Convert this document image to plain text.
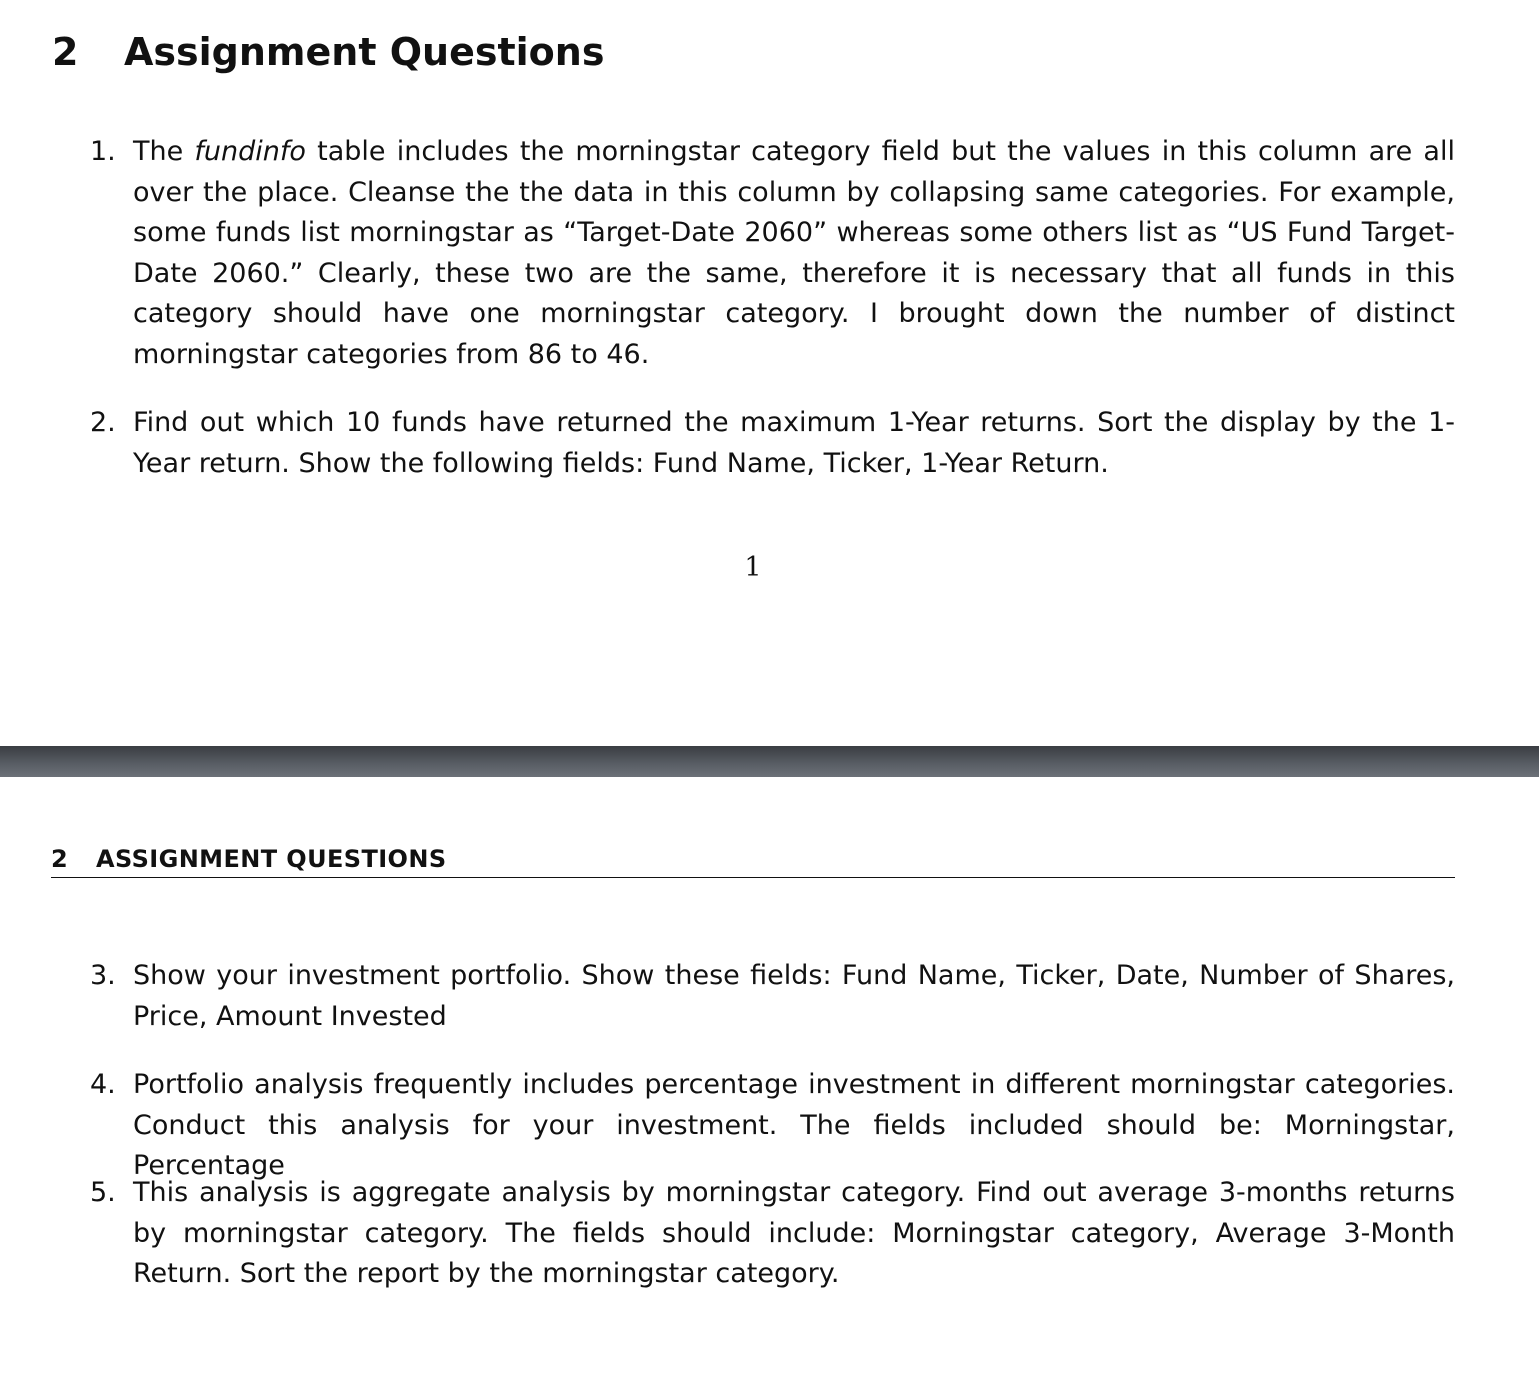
2 Assignment Questions

1. The fundinfo table includes the morningstar category field but the values in this column are all over the place. Cleanse the the data in this column by collapsing same categories. For example, some funds list morningstar as “Target-Date 2060” whereas some others list as “US Fund Target-Date 2060.” Clearly, these two are the same, therefore it is necessary that all funds in this category should have one morningstar category. I brought down the number of distinct morningstar categories from 86 to 46.

2. Find out which 10 funds have returned the maximum 1-Year returns. Sort the display by the 1-Year return. Show the following fields: Fund Name, Ticker, 1-Year Return.

1
2 ASSIGNMENT QUESTIONS

3. Show your investment portfolio. Show these fields: Fund Name, Ticker, Date, Number of Shares, Price, Amount Invested

4. Portfolio analysis frequently includes percentage investment in different morningstar categories. Conduct this analysis for your investment. The fields included should be: Morningstar, Percentage

5. This analysis is aggregate analysis by morningstar category. Find out average 3-months returns by morningstar category. The fields should include: Morningstar category, Average 3-Month Return. Sort the report by the morningstar category.
